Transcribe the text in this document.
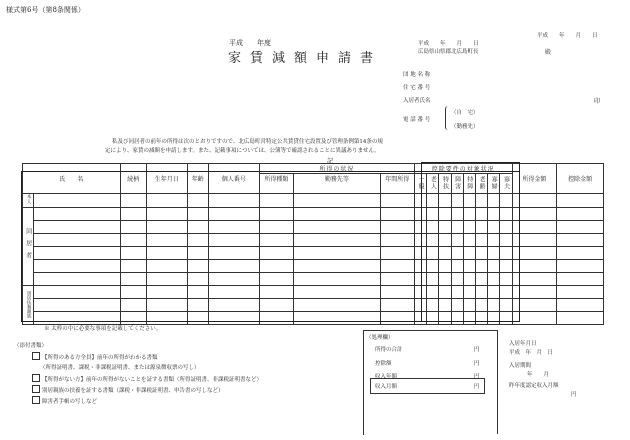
様式第6号（第8条関係）
平成　　年　　月　　日
平成　　年度
家賃減額申請書
平成　　年　　月　　日
広島県山県郡北広島町長	殿
団 地 名 称
住 宅 番 号
入居者氏名	印
電 話 番 号
（自　宅）
（勤務先）
私及び同居者の前年の所得は次のとおりですので、北広島町営特定公共賃貸住宅設置及び管理条例第14条の規
定により、家賃の減額を申請します。また、記載事項については、公簿等で確認されることに異議ありません。
記
氏　　名		続柄	生年月日	年齢	個人番号	所得の状況			控除要件の対象状況								所得金額	控除金額
						所得種類	勤務先等	年間所得	一般	老人	特扶	障害	特障	老齢	寡婦	寡夫		
本人																		
同居者																		

別居扶養親族																		

※ 太枠の中に必要な事項を記載してください。
（添付書類）
【所得のある方全員】前年の所得がわかる書類
（所得証明書、課税・非課税証明書、または源泉徴収票の写し）
【所得がない方】前年の所得がないことを証する書類（所得証明書、非課税証明書など）
別居親族の扶養を証する書類（課税・非課税証明書、申告書の写しなど）
障害者手帳の写しなど
（処理欄）
所得の合計	円
控除額	円
収入年額	円
収入月額	円
入居年月日
平成　年　月　日
入居期間
年　　月
昨年度認定収入月額
円
